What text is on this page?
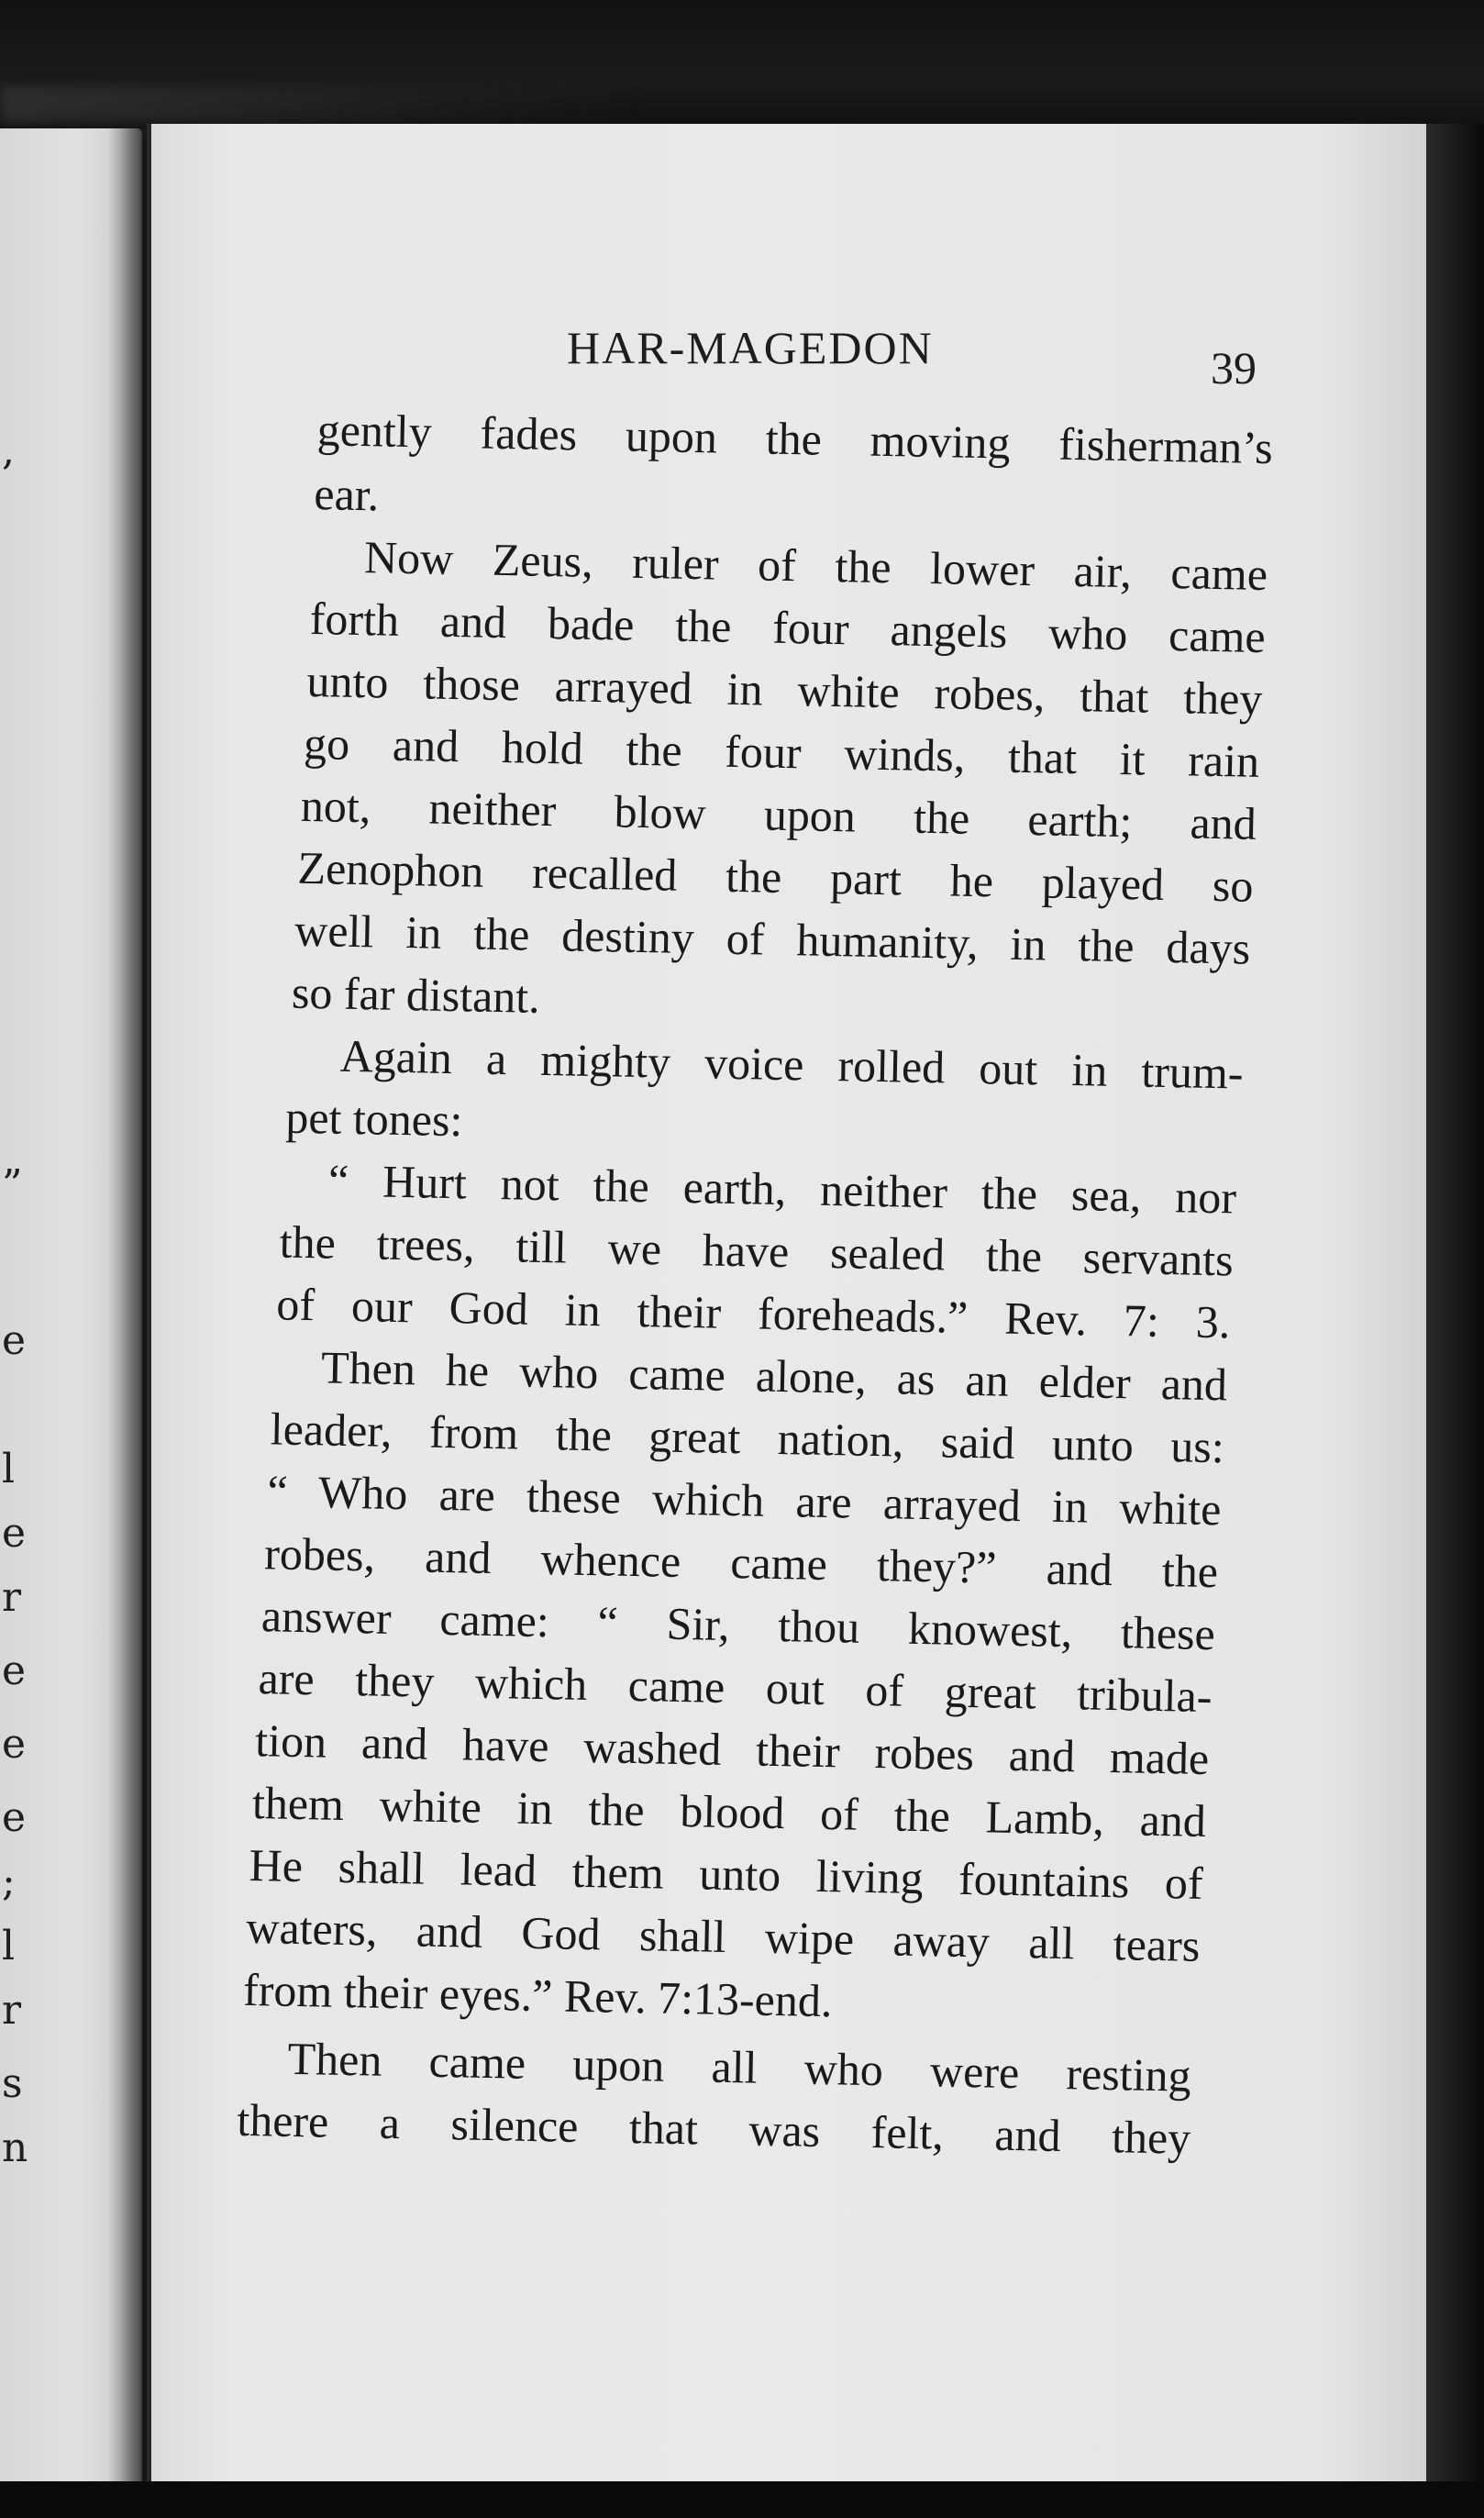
,
”
e
l
e
r
e
e
e
;
l
r
s
n
HAR-MAGEDON	39
gently fades upon the moving fisherman’s
ear.
Now Zeus, ruler of the lower air, came
forth and bade the four angels who came
unto those arrayed in white robes, that they
go and hold the four winds, that it rain
not, neither blow upon the earth; and
Zenophon recalled the part he played so
well in the destiny of humanity, in the days
so far distant.
Again a mighty voice rolled out in trum-
pet tones:
“ Hurt not the earth, neither the sea, nor
the trees, till we have sealed the servants
of our God in their foreheads.” Rev. 7: 3.
Then he who came alone, as an elder and
leader, from the great nation, said unto us:
“ Who are these which are arrayed in white
robes, and whence came they?” and the
answer came: “ Sir, thou knowest, these
are they which came out of great tribula-
tion and have washed their robes and made
them white in the blood of the Lamb, and
He shall lead them unto living fountains of
waters, and God shall wipe away all tears
from their eyes.” Rev. 7:13-end.
Then came upon all who were resting
there a silence that was felt, and they
